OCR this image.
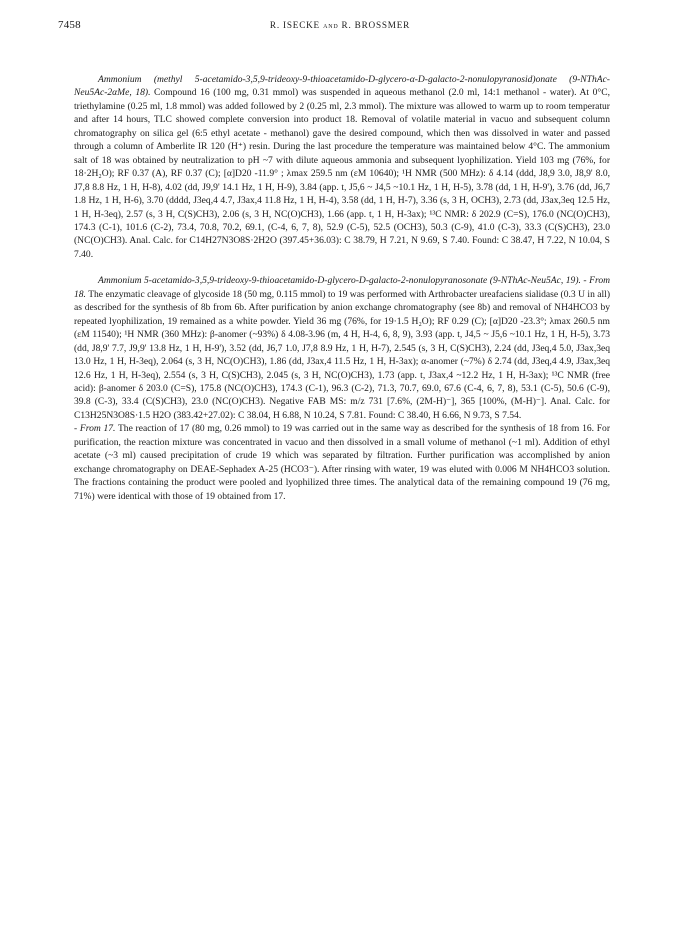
7458	R. ISECKE and R. BROSSMER

Ammonium (methyl 5-acetamido-3,5,9-trideoxy-9-thioacetamido-D-glycero-α-D-galacto-2-nonulopyranosid)onate (9-NThAc-Neu5Ac-2αMe, 18). Compound 16 (100 mg, 0.31 mmol) was suspended in aqueous methanol (2.0 ml, 14:1 methanol - water). At 0°C, triethylamine (0.25 ml, 1.8 mmol) was added followed by 2 (0.25 ml, 2.3 mmol). The mixture was allowed to warm up to room temperatur and after 14 hours, TLC showed complete conversion into product 18. Removal of volatile material in vacuo and subsequent column chromatography on silica gel (6:5 ethyl acetate - methanol) gave the desired compound, which then was dissolved in water and passed through a column of Amberlite IR 120 (H⁺) resin. During the last procedure the temperature was maintained below 4°C. The ammonium salt of 18 was obtained by neutralization to pH ~7 with dilute aqueous ammonia and subsequent lyophilization. Yield 103 mg (76%, for 18·2H₂O); RF 0.37 (A), RF 0.37 (C); [α]D20 -11.9° ; λmax 259.5 nm (εM 10640); ¹H NMR (500 MHz): δ 4.14 (ddd, J8,9 3.0, J8,9' 8.0, J7,8 8.8 Hz, 1 H, H-8), 4.02 (dd, J9,9' 14.1 Hz, 1 H, H-9), 3.84 (app. t, J5,6 ~ J4,5 ~10.1 Hz, 1 H, H-5), 3.78 (dd, 1 H, H-9'), 3.76 (dd, J6,7 1.8 Hz, 1 H, H-6), 3.70 (dddd, J3eq,4 4.7, J3ax,4 11.8 Hz, 1 H, H-4), 3.58 (dd, 1 H, H-7), 3.36 (s, 3 H, OCH3), 2.73 (dd, J3ax,3eq 12.5 Hz, 1 H, H-3eq), 2.57 (s, 3 H, C(S)CH3), 2.06 (s, 3 H, NC(O)CH3), 1.66 (app. t, 1 H, H-3ax); ¹³C NMR: δ 202.9 (C=S), 176.0 (NC(O)CH3), 174.3 (C-1), 101.6 (C-2), 73.4, 70.8, 70.2, 69.1, (C-4, 6, 7, 8), 52.9 (C-5), 52.5 (OCH3), 50.3 (C-9), 41.0 (C-3), 33.3 (C(S)CH3), 23.0 (NC(O)CH3). Anal. Calc. for C14H27N3O8S·2H2O (397.45+36.03): C 38.79, H 7.21, N 9.69, S 7.40. Found: C 38.47, H 7.22, N 10.04, S 7.40.

Ammonium 5-acetamido-3,5,9-trideoxy-9-thioacetamido-D-glycero-D-galacto-2-nonulopyranosonate (9-NThAc-Neu5Ac, 19). - From 18. The enzymatic cleavage of glycoside 18 (50 mg, 0.115 mmol) to 19 was performed with Arthrobacter ureafaciens sialidase (0.3 U in all) as described for the synthesis of 8b from 6b. After purification by anion exchange chromatography (see 8b) and removal of NH4HCO3 by repeated lyophilization, 19 remained as a white powder. Yield 36 mg (76%, for 19·1.5 H₂O); RF 0.29 (C); [α]D20 -23.3°; λmax 260.5 nm (εM 11540); ¹H NMR (360 MHz): β-anomer (~93%) δ 4.08-3.96 (m, 4 H, H-4, 6, 8, 9), 3.93 (app. t, J4,5 ~ J5,6 ~10.1 Hz, 1 H, H-5), 3.73 (dd, J8,9' 7.7, J9,9' 13.8 Hz, 1 H, H-9'), 3.52 (dd, J6,7 1.0, J7,8 8.9 Hz, 1 H, H-7), 2.545 (s, 3 H, C(S)CH3), 2.24 (dd, J3eq,4 5.0, J3ax,3eq 13.0 Hz, 1 H, H-3eq), 2.064 (s, 3 H, NC(O)CH3), 1.86 (dd, J3ax,4 11.5 Hz, 1 H, H-3ax); α-anomer (~7%) δ 2.74 (dd, J3eq,4 4.9, J3ax,3eq 12.6 Hz, 1 H, H-3eq), 2.554 (s, 3 H, C(S)CH3), 2.045 (s, 3 H, NC(O)CH3), 1.73 (app. t, J3ax,4 ~12.2 Hz, 1 H, H-3ax); ¹³C NMR (free acid): β-anomer δ 203.0 (C=S), 175.8 (NC(O)CH3), 174.3 (C-1), 96.3 (C-2), 71.3, 70.7, 69.0, 67.6 (C-4, 6, 7, 8), 53.1 (C-5), 50.6 (C-9), 39.8 (C-3), 33.4 (C(S)CH3), 23.0 (NC(O)CH3). Negative FAB MS: m/z 731 [7.6%, (2M-H)⁻], 365 [100%, (M-H)⁻]. Anal. Calc. for C13H25N3O8S·1.5 H2O (383.42+27.02): C 38.04, H 6.88, N 10.24, S 7.81. Found: C 38.40, H 6.66, N 9.73, S 7.54.

- From 17. The reaction of 17 (80 mg, 0.26 mmol) to 19 was carried out in the same way as described for the synthesis of 18 from 16. For purification, the reaction mixture was concentrated in vacuo and then dissolved in a small volume of methanol (~1 ml). Addition of ethyl acetate (~3 ml) caused precipitation of crude 19 which was separated by filtration. Further purification was accomplished by anion exchange chromatography on DEAE-Sephadex A-25 (HCO3⁻). After rinsing with water, 19 was eluted with 0.006 M NH4HCO3 solution. The fractions containing the product were pooled and lyophilized three times. The analytical data of the remaining compound 19 (76 mg, 71%) were identical with those of 19 obtained from 17.
